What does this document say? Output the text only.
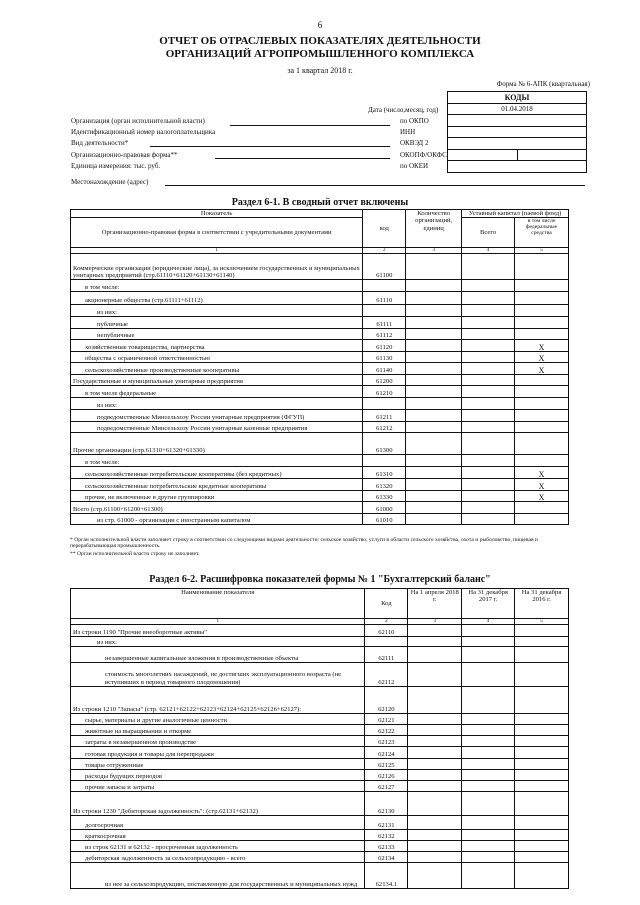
6
ОТЧЕТ ОБ ОТРАСЛЕВЫХ ПОКАЗАТЕЛЯХ ДЕЯТЕЛЬНОСТИ
ОРГАНИЗАЦИЙ АГРОПРОМЫШЛЕННОГО КОМПЛЕКСА
за 1 квартал 2018 г.
Форма № 6-АПК (квартальная)
КОДЫ
01.04.2018

Дата (число,месяц, год)
Организация (орган исполнительной власти)	по ОКПО
Идентификационный номер налогоплательщика	ИНН
Вид деятельности*	ОКВЭД 2
Организационно-правовая форма**	ОКОПФ/ОКФС
Единица измерения: тыс. руб.	по ОКЕИ
Местонахождение (адрес)
Раздел 6-1. В сводный отчет включены
Показатель	код	Количество организаций, единиц	Уставный капитал (паевой фонд)	
Организационно-правовая форма в соответствии с учредительными документами			Всего	в том числе федеральные средства
1	2	3	4	5
Коммерческие организации (юридические лица), за исключением государственных и муниципальных унитарных предприятий (стр.61110+61120+61130+61140)	61100			
в том числе:				
акционерные общества (стр.61111+61112)	61110			
из них:				
публичные	61111			
непубличные	61112			
хозяйственные товарищества, партнерства	61120			X
общества с ограниченной ответственностью	61130			X
сельскохозяйственные производственные кооперативы	61140			X
Государственные и муниципальные унитарные предприятия	61200			
в том числе федеральные	61210			
из них:				
подведомственные Минсельхозу России унитарные предприятия (ФГУП)	61211			
подведомственные Минсельхозу России унитарные казенные предприятия	61212			
Прочие организации (стр.61310+61320+61330)	61300			
в том числе:				
сельскохозяйственные потребительские кооперативы (без кредитных)	61310			X
сельскохозяйственные потребительские кредитные кооперативы	61320			X
прочие, не включенные в другие группировки	61330			X
Всего (стр.61100+61200+61300)	61000			
из стр. 61000 - организации с иностранным капиталом	61010			
* Орган исполнительной власти заполняет строку в соответствии со следующими видами деятельности: сельское хозяйство, услуги в области сельского хозяйства, охота и рыболовство, пищевая и перерабатывающая промышленность.
** Орган исполнительной власти строку не заполняет.
Раздел 6-2. Расшифровка показателей формы № 1 "Бухгалтерский баланс"
Наименование показателя	Код	На 1 апреля 2018 г.	На 31 декабря 2017 г.	На 31 декабря 2016 г.
1	2	3	4	5
Из строки 1190 "Прочие внеоборотные активы"	62110			
из них:				
незавершенные капитальные вложения в производственные объекты	62111			
стоимость многолетних насаждений, не достигших эксплуатационного возраста (не вступивших в период товарного плодоношения)	62112			
Из строки 1210 "Запасы" (стр. 62121+62122+62123+62124+62125+62126+62127):	62120			
сырье, материалы и другие аналогичные ценности	62121			
животные на выращивании и откорме	62122			
затраты в незавершенном производстве	62123			
готовая продукция и товары для перепродажи	62124			
товары отгруженные	62125			
расходы будущих периодов	62126			
прочие запасы и затраты	62127			
Из строки 1230 "Дебиторская задолженность": (стр.62131+62132)	62130			
долгосрочная	62131			
краткосрочная	62132			
из строк 62131 и 62132 - просроченная задолженность	62133			
дебиторская задолженность за сельхозпродукцию - всего	62134			
из нее за сельхозпродукцию, поставленную для государственных и муниципальных нужд	62134.1			
